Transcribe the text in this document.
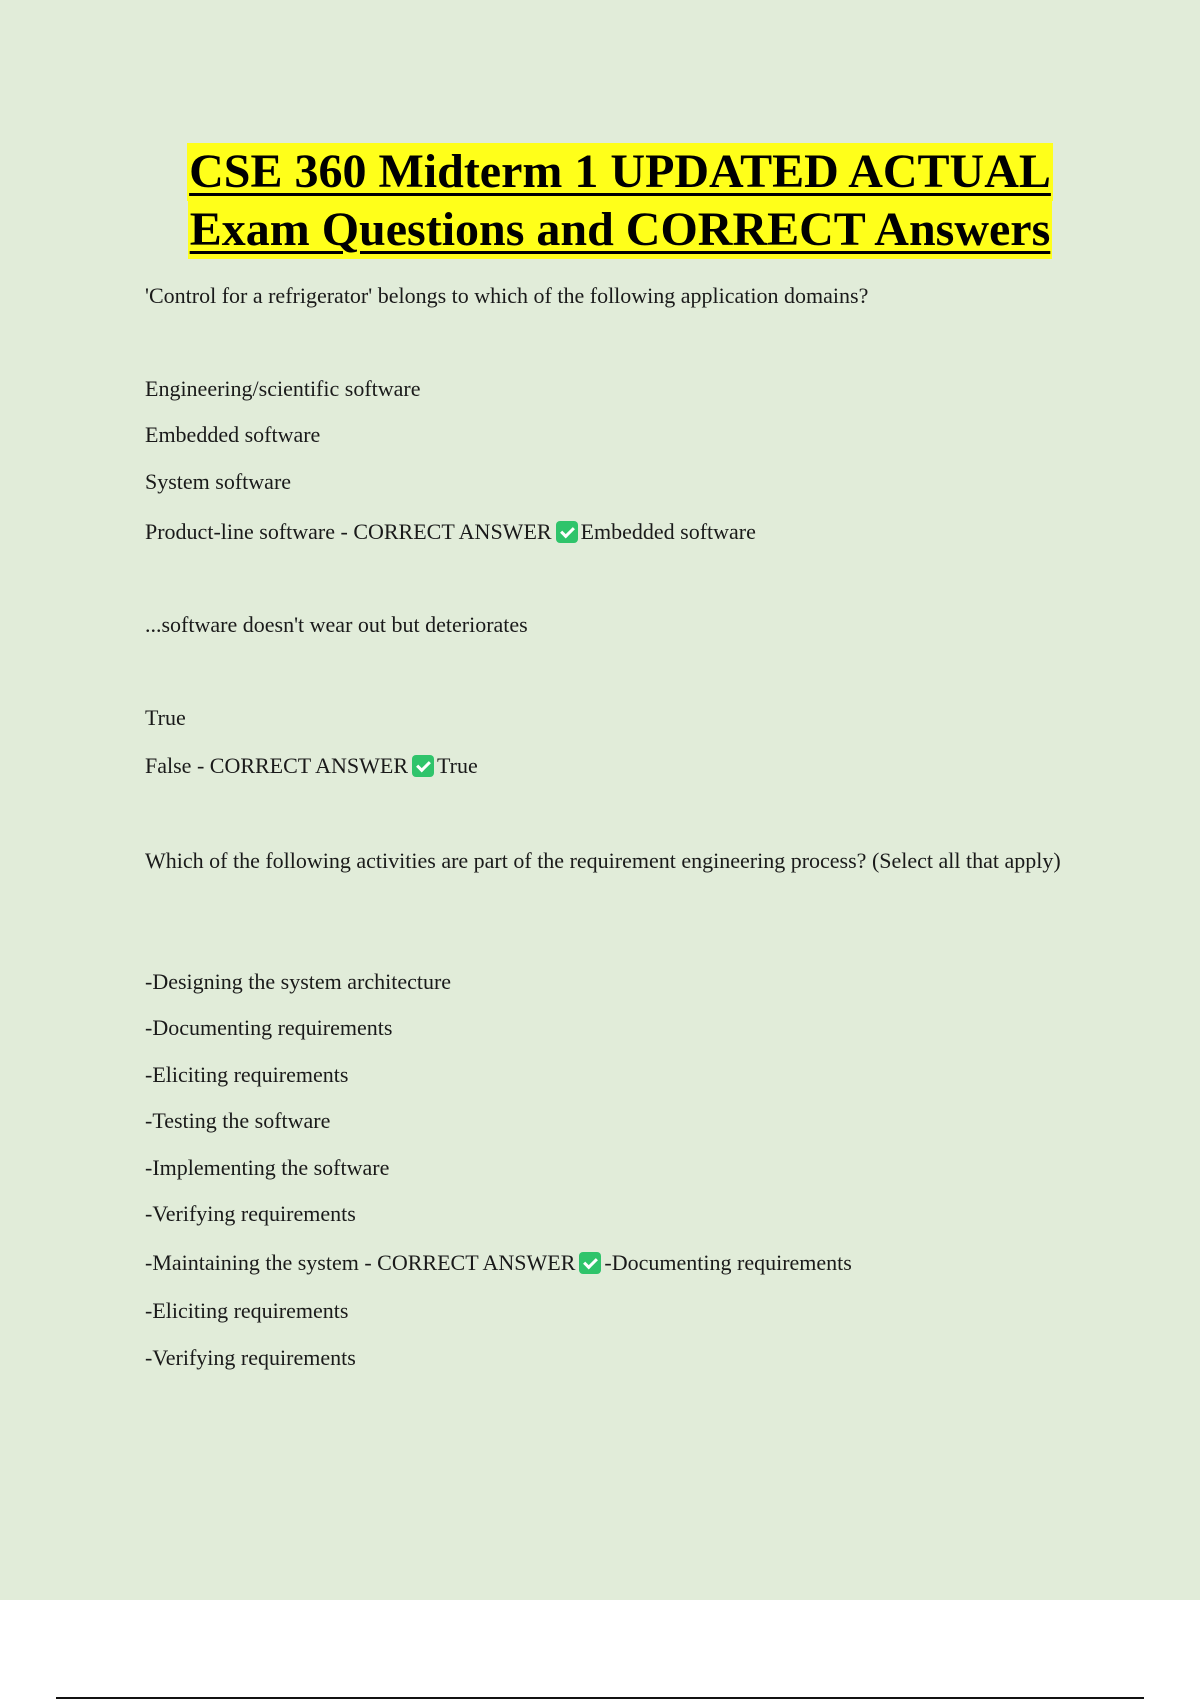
CSE 360 Midterm 1 UPDATED ACTUAL
Exam Questions and CORRECT Answers
'Control for a refrigerator' belongs to which of the following application domains?
Engineering/scientific software
Embedded software
System software
Product-line software - CORRECT ANSWER Embedded software
...software doesn't wear out but deteriorates
True
False - CORRECT ANSWER True
Which of the following activities are part of the requirement engineering process? (Select all that apply)
-Designing the system architecture
-Documenting requirements
-Eliciting requirements
-Testing the software
-Implementing the software
-Verifying requirements
-Maintaining the system - CORRECT ANSWER -Documenting requirements
-Eliciting requirements
-Verifying requirements
